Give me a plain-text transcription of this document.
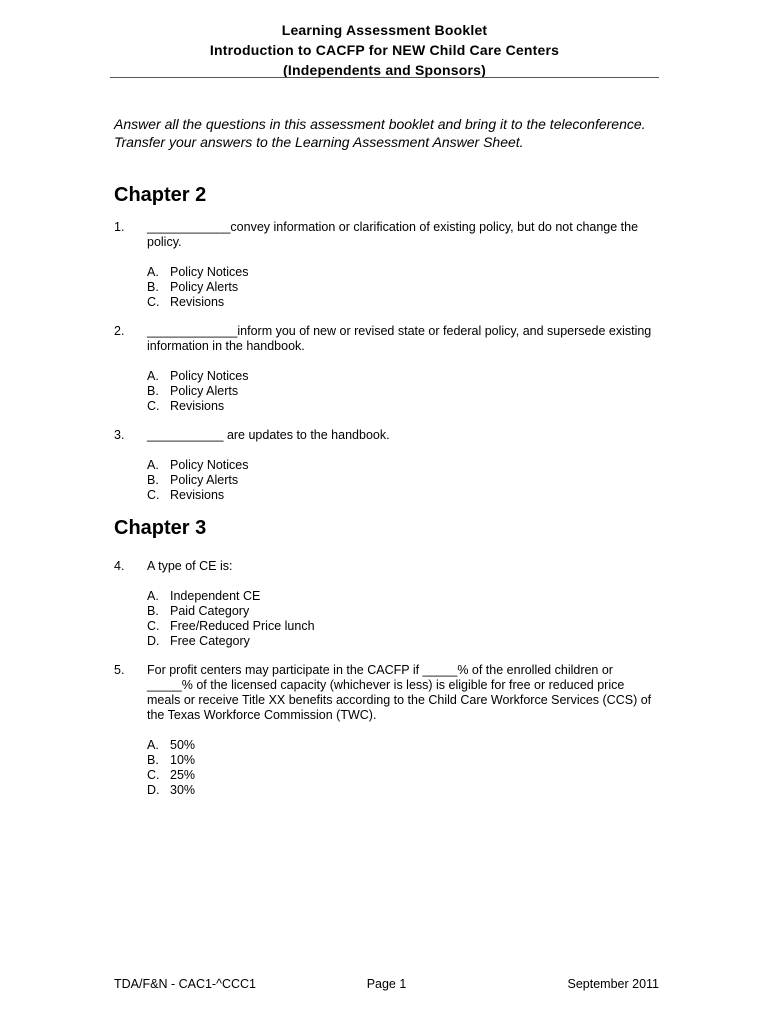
Learning Assessment Booklet
Introduction to CACFP for NEW Child Care Centers
(Independents and Sponsors)
Answer all the questions in this assessment booklet and bring it to the teleconference.
Transfer your answers to the Learning Assessment Answer Sheet.
Chapter 2
1.	____________convey information or clarification of existing policy, but do not change the policy.
A. Policy Notices
B. Policy Alerts
C. Revisions
2.	_____________inform you of new or revised state or federal policy, and supersede existing information in the handbook.
A. Policy Notices
B. Policy Alerts
C. Revisions
3.	___________ are updates to the handbook.
A. Policy Notices
B. Policy Alerts
C. Revisions
Chapter 3
4.	A type of CE is:
A. Independent CE
B. Paid Category
C. Free/Reduced Price lunch
D. Free Category
5.	For profit centers may participate in the CACFP if _____% of the enrolled children or _____% of the licensed capacity (whichever is less) is eligible for free or reduced price meals or receive Title XX benefits according to the Child Care Workforce Services (CCS) of the Texas Workforce Commission (TWC).
A. 50%
B. 10%
C. 25%
D. 30%
TDA/F&N - CAC1-^CCC1	Page 1	September 2011
